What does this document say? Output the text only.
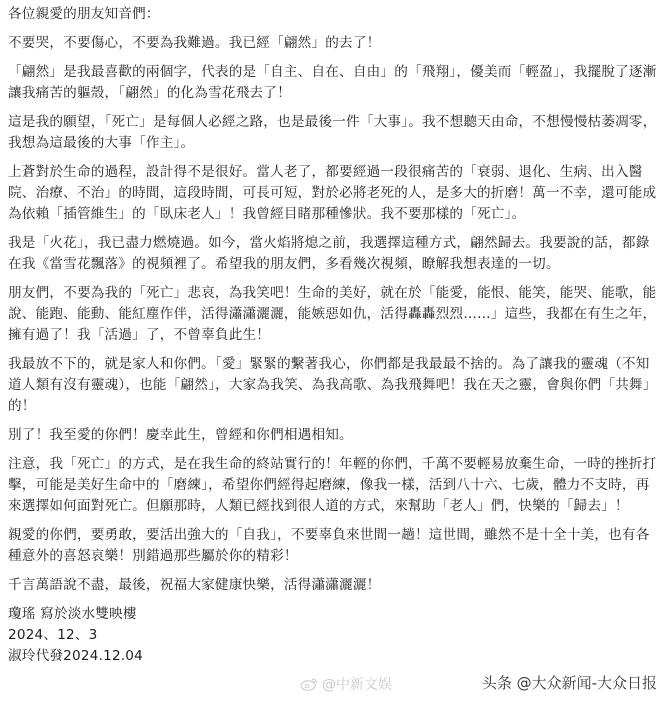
各位親愛的朋友知音們：

不要哭，不要傷心，不要為我難過。我已經「翩然」的去了！

「翩然」是我最喜歡的兩個字，代表的是「自主、自在、自由」的「飛翔」，優美而「輕盈」，我擺脫了逐漸讓我痛苦的軀殼，「翩然」的化為雪花飛去了！

這是我的願望，「死亡」是每個人必經之路，也是最後一件「大事」。我不想聽天由命，不想慢慢枯萎凋零，我想為這最後的大事「作主」。

上蒼對於生命的過程，設計得不是很好。當人老了，都要經過一段很痛苦的「衰弱、退化、生病、出入醫院、治療、不治」的時間，這段時間，可長可短，對於必將老死的人，是多大的折磨！萬一不幸，還可能成為依賴「插管維生」的「臥床老人」！我曾經目睹那種慘狀。我不要那樣的「死亡」。

我是「火花」，我已盡力燃燒過。如今，當火焰將熄之前，我選擇這種方式，翩然歸去。我要說的話，都錄在我《當雪花飄落》的視頻裡了。希望我的朋友們，多看幾次視頻，瞭解我想表達的一切。

朋友們，不要為我的「死亡」悲哀，為我笑吧！生命的美好，就在於「能愛，能恨、能笑，能哭、能歌，能說、能跑、能動、能紅塵作伴，活得瀟瀟灑灑，能嫉惡如仇，活得轟轟烈烈……」這些，我都在有生之年，擁有過了！我「活過」了，不曾辜負此生！

我最放不下的，就是家人和你們。「愛」緊緊的繫著我心，你們都是我最最不捨的。為了讓我的靈魂（不知道人類有沒有靈魂），也能「翩然」，大家為我笑、為我高歌、為我飛舞吧！我在天之靈，會與你們「共舞」的！

別了！我至愛的你們！慶幸此生，曾經和你們相遇相知。

注意，我「死亡」的方式，是在我生命的終站實行的！年輕的你們，千萬不要輕易放棄生命，一時的挫折打擊，可能是美好生命中的「磨練」，希望你們經得起磨練，像我一樣，活到八十六、七歲，體力不支時，再來選擇如何面對死亡。但願那時，人類已經找到很人道的方式，來幫助「老人」們，快樂的「歸去」！

親愛的你們，要勇敢，要活出強大的「自我」，不要辜負來世間一趟！這世間，雖然不是十全十美，也有各種意外的喜怒哀樂！別錯過那些屬於你的精彩！

千言萬語說不盡，最後，祝福大家健康快樂，活得瀟瀟灑灑！

瓊瑤 寫於淡水雙映樓

2024、12、3

淑玲代發2024.12.04

@中新文娱	头条 @大众新闻-大众日报
